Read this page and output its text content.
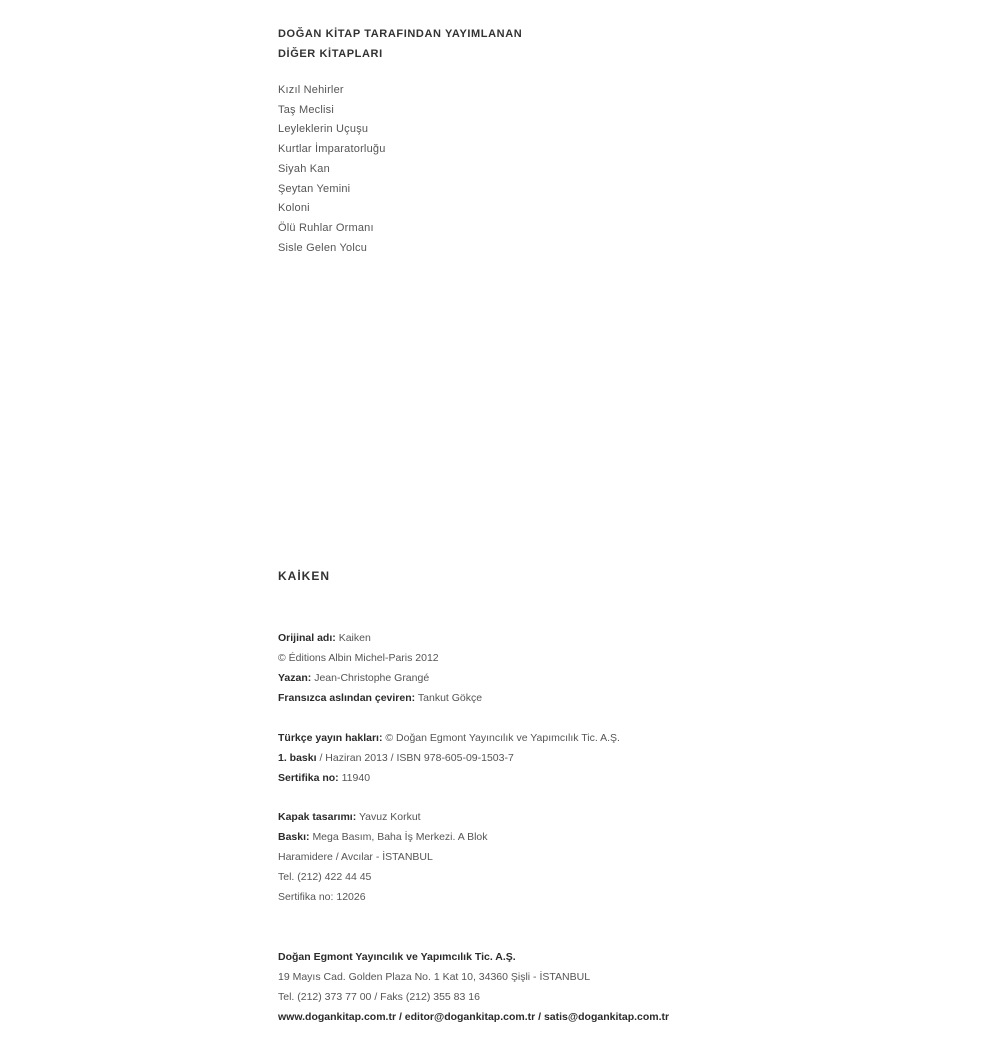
DOĞAN KİTAP TARAFINDAN YAYIMLANAN
DİĞER KİTAPLARI
Kızıl Nehirler
Taş Meclisi
Leyleklerin Uçuşu
Kurtlar İmparatorluğu
Siyah Kan
Şeytan Yemini
Koloni
Ölü Ruhlar Ormanı
Sisle Gelen Yolcu
KAİKEN
Orijinal adı: Kaiken
© Éditions Albin Michel-Paris 2012
Yazan: Jean-Christophe Grangé
Fransızca aslından çeviren: Tankut Gökçe
Türkçe yayın hakları: © Doğan Egmont Yayıncılık ve Yapımcılık Tic. A.Ş.
1. baskı / Haziran 2013 / ISBN 978-605-09-1503-7
Sertifika no: 11940
Kapak tasarımı: Yavuz Korkut
Baskı: Mega Basım, Baha İş Merkezi. A Blok
Haramidere / Avcılar - İSTANBUL
Tel. (212) 422 44 45
Sertifika no: 12026
Doğan Egmont Yayıncılık ve Yapımcılık Tic. A.Ş.
19 Mayıs Cad. Golden Plaza No. 1 Kat 10, 34360 Şişli - İSTANBUL
Tel. (212) 373 77 00 / Faks (212) 355 83 16
www.dogankitap.com.tr / editor@dogankitap.com.tr / satis@dogankitap.com.tr
